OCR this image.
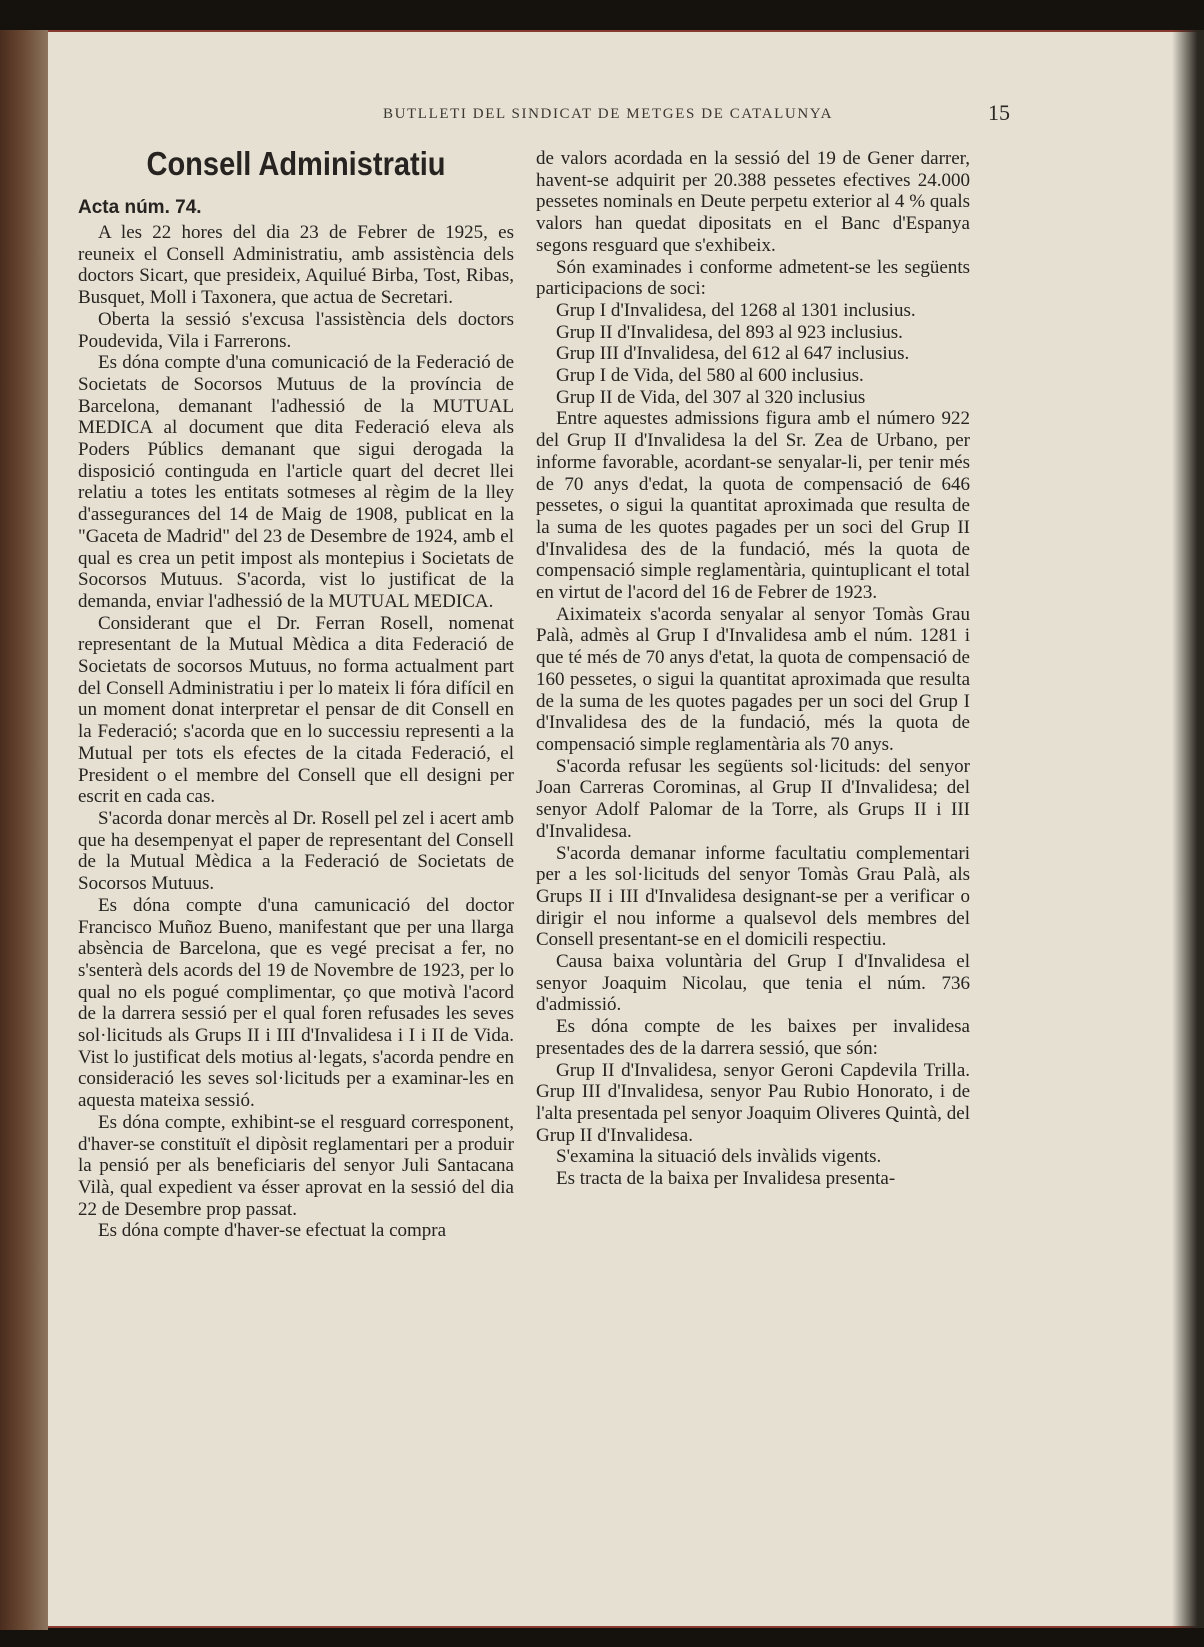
BUTLLETI DEL SINDICAT DE METGES DE CATALUNYA	15
Consell Administratiu
Acta núm. 74.

A les 22 hores del dia 23 de Febrer de 1925, es reuneix el Consell Administratiu, amb assistència dels doctors Sicart, que presideix, Aquilué Birba, Tost, Ribas, Busquet, Moll i Taxonera, que actua de Secretari.

Oberta la sessió s'excusa l'assistència dels doctors Poudevida, Vila i Farrerons.

Es dóna compte d'una comunicació de la Federació de Societats de Socorsos Mutuus de la província de Barcelona, demanant l'adhessió de la MUTUAL MEDICA al document que dita Federació eleva als Poders Públics demanant que sigui derogada la disposició continguda en l'article quart del decret llei relatiu a totes les entitats sotmeses al règim de la lley d'assegurances del 14 de Maig de 1908, publicat en la "Gaceta de Madrid" del 23 de Desembre de 1924, amb el qual es crea un petit impost als montepius i Societats de Socorsos Mutuus. S'acorda, vist lo justificat de la demanda, enviar l'adhessió de la MUTUAL MEDICA.

Considerant que el Dr. Ferran Rosell, nomenat representant de la Mutual Mèdica a dita Federació de Societats de socorsos Mutuus, no forma actualment part del Consell Administratiu i per lo mateix li fóra difícil en un moment donat interpretar el pensar de dit Consell en la Federació; s'acorda que en lo successiu representi a la Mutual per tots els efectes de la citada Federació, el President o el membre del Consell que ell designi per escrit en cada cas.

S'acorda donar mercès al Dr. Rosell pel zel i acert amb que ha desempenyat el paper de representant del Consell de la Mutual Mèdica a la Federació de Societats de Socorsos Mutuus.

Es dóna compte d'una camunicació del doctor Francisco Muñoz Bueno, manifestant que per una llarga absència de Barcelona, que es vegé precisat a fer, no s'senterà dels acords del 19 de Novembre de 1923, per lo qual no els pogué complimentar, ço que motivà l'acord de la darrera sessió per el qual foren refusades les seves sol·licituds als Grups II i III d'Invalidesa i I i II de Vida. Vist lo justificat dels motius al·legats, s'acorda pendre en consideració les seves sol·licituds per a examinar-les en aquesta mateixa sessió.

Es dóna compte, exhibint-se el resguard corresponent, d'haver-se constituït el dipòsit reglamentari per a produir la pensió per als beneficiaris del senyor Juli Santacana Vilà, qual expedient va ésser aprovat en la sessió del dia 22 de Desembre prop passat.

Es dóna compte d'haver-se efectuat la compra

de valors acordada en la sessió del 19 de Gener darrer, havent-se adquirit per 20.388 pessetes efectives 24.000 pessetes nominals en Deute perpetu exterior al 4 % quals valors han quedat dipositats en el Banc d'Espanya segons resguard que s'exhibeix.

Són examinades i conforme admetent-se les següents participacions de soci:

Grup I d'Invalidesa, del 1268 al 1301 inclusius.

Grup II d'Invalidesa, del 893 al 923 inclusius.

Grup III d'Invalidesa, del 612 al 647 inclusius.

Grup I de Vida, del 580 al 600 inclusius.

Grup II de Vida, del 307 al 320 inclusius

Entre aquestes admissions figura amb el número 922 del Grup II d'Invalidesa la del Sr. Zea de Urbano, per informe favorable, acordant-se senyalar-li, per tenir més de 70 anys d'edat, la quota de compensació de 646 pessetes, o sigui la quantitat aproximada que resulta de la suma de les quotes pagades per un soci del Grup II d'Invalidesa des de la fundació, més la quota de compensació simple reglamentària, quintuplicant el total en virtut de l'acord del 16 de Febrer de 1923.

Aiximateix s'acorda senyalar al senyor Tomàs Grau Palà, admès al Grup I d'Invalidesa amb el núm. 1281 i que té més de 70 anys d'etat, la quota de compensació de 160 pessetes, o sigui la quantitat aproximada que resulta de la suma de les quotes pagades per un soci del Grup I d'Invalidesa des de la fundació, més la quota de compensació simple reglamentària als 70 anys.

S'acorda refusar les següents sol·licituds: del senyor Joan Carreras Corominas, al Grup II d'Invalidesa; del senyor Adolf Palomar de la Torre, als Grups II i III d'Invalidesa.

S'acorda demanar informe facultatiu complementari per a les sol·licituds del senyor Tomàs Grau Palà, als Grups II i III d'Invalidesa designant-se per a verificar o dirigir el nou informe a qualsevol dels membres del Consell presentant-se en el domicili respectiu.

Causa baixa voluntària del Grup I d'Invalidesa el senyor Joaquim Nicolau, que tenia el núm. 736 d'admissió.

Es dóna compte de les baixes per invalidesa presentades des de la darrera sessió, que són:

Grup II d'Invalidesa, senyor Geroni Capdevila Trilla. Grup III d'Invalidesa, senyor Pau Rubio Honorato, i de l'alta presentada pel senyor Joaquim Oliveres Quintà, del Grup II d'Invalidesa.

S'examina la situació dels invàlids vigents.

Es tracta de la baixa per Invalidesa presenta-
